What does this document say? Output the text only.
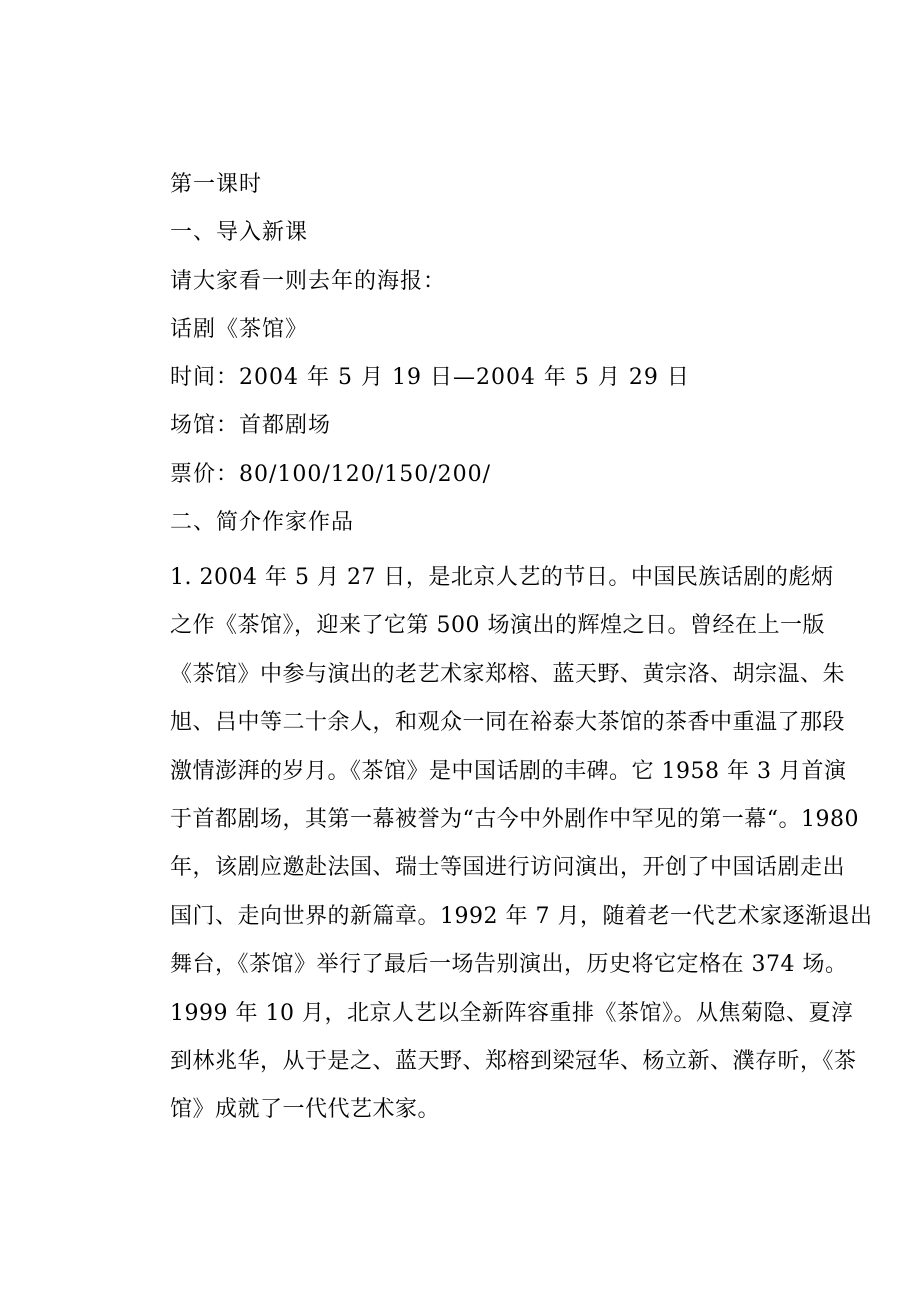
第一课时
一、导入新课
请大家看一则去年的海报：
话剧《茶馆》
时间：2004 年 5 月 19 日—2004 年 5 月 29 日
场馆：首都剧场
票价：80/100/120/150/200/
二、简介作家作品
1. 2004 年 5 月 27 日，是北京人艺的节日。中国民族话剧的彪炳
之作《茶馆》，迎来了它第 500 场演出的辉煌之日。曾经在上一版
《茶馆》中参与演出的老艺术家郑榕、蓝天野、黄宗洛、胡宗温、朱
旭、吕中等二十余人，和观众一同在裕泰大茶馆的茶香中重温了那段
激情澎湃的岁月。《茶馆》是中国话剧的丰碑。它 1958 年 3 月首演
于首都剧场，其第一幕被誉为“古今中外剧作中罕见的第一幕“。1980
年，该剧应邀赴法国、瑞士等国进行访问演出，开创了中国话剧走出
国门、走向世界的新篇章。1992 年 7 月，随着老一代艺术家逐渐退出
舞台，《茶馆》举行了最后一场告别演出，历史将它定格在 374 场。
1999 年 10 月，北京人艺以全新阵容重排《茶馆》。从焦菊隐、夏淳
到林兆华，从于是之、蓝天野、郑榕到梁冠华、杨立新、濮存昕，《茶
馆》成就了一代代艺术家。
